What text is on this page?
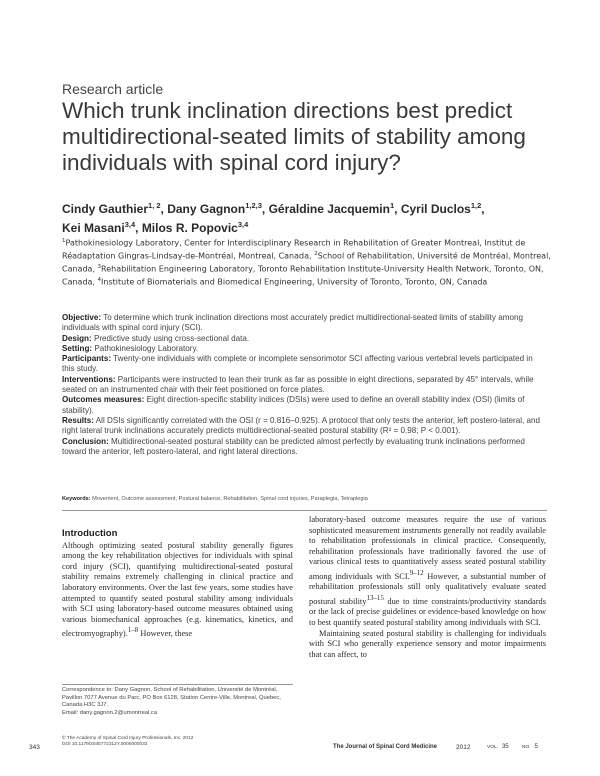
Research article
Which trunk inclination directions best predict multidirectional-seated limits of stability among individuals with spinal cord injury?
Cindy Gauthier$^{1, 2}$, Dany Gagnon$^{1,2,3}$, Géraldine Jacquemin$^1$, Cyril Duclos$^{1,2}$,
Kei Masani$^{3,4}$, Milos R. Popovic$^{3,4}$
$^1$Pathokinesiology Laboratory, Center for Interdisciplinary Research in Rehabilitation of Greater Montreal, Institut de Réadaptation Gingras-Lindsay-de-Montréal, Montreal, Canada, $^2$School of Rehabilitation, Université de Montréal, Montreal, Canada, $^3$Rehabilitation Engineering Laboratory, Toronto Rehabilitation Institute-University Health Network, Toronto, ON, Canada, $^4$Institute of Biomaterials and Biomedical Engineering, University of Toronto, Toronto, ON, Canada

Objective: To determine which trunk inclination directions most accurately predict multidirectional-seated limits of stability among individuals with spinal cord injury (SCI).

Design: Predictive study using cross-sectional data.

Setting: Pathokinesiology Laboratory.

Participants: Twenty-one individuals with complete or incomplete sensorimotor SCI affecting various vertebral levels participated in this study.

Interventions: Participants were instructed to lean their trunk as far as possible in eight directions, separated by 45° intervals, while seated on an instrumented chair with their feet positioned on force plates.

Outcomes measures: Eight direction-specific stability indices (DSIs) were used to define an overall stability index (OSI) (limits of stability).

Results: All DSIs significantly correlated with the OSI (r = 0.816–0.925). A protocol that only tests the anterior, left postero-lateral, and right lateral trunk inclinations accurately predicts multidirectional-seated postural stability (R² = 0.98; P < 0.001).

Conclusion: Multidirectional-seated postural stability can be predicted almost perfectly by evaluating trunk inclinations performed toward the anterior, left postero-lateral, and right lateral directions.

Keywords: Movement, Outcome assessment, Postural balance, Rehabilitation, Spinal cord injuries, Paraplegia, Tetraplegia
Introduction

Although optimizing seated postural stability generally figures among the key rehabilitation objectives for individuals with spinal cord injury (SCI), quantifying multidirectional-seated postural stability remains extremely challenging in clinical practice and laboratory environments. Over the last few years, some studies have attempted to quantify seated postural stability among individuals with SCI using laboratory-based outcome measures obtained using various biomechanical approaches (e.g. kinematics, kinetics, and electromyography).$^{1-8}$ However, these

laboratory-based outcome measures require the use of various sophisticated measurement instruments generally not readily available to rehabilitation professionals in clinical practice. Consequently, rehabilitation professionals have traditionally favored the use of various clinical tests to quantitatively assess seated postural stability among individuals with SCI.$^{9-12}$ However, a substantial number of rehabilitation professionals still only qualitatively evaluate seated postural stability$^{13-15}$ due to time constraints/productivity standards or the lack of precise guidelines or evidence-based knowledge on how to best quantify seated postural stability among individuals with SCI.

Maintaining seated postural stability is challenging for individuals with SCI who generally experience sensory and motor impairments that can affect, to

Correspondence to: Dany Gagnon, School of Rehabilitation, Université de Montréal, Pavillon 7077 Avenue du Parc, PO Box 6128, Station Centre-Ville, Montreal, Quebec, Canada H3C 3J7.

Email: dany.gagnon.2@umontreal.ca

© The Academy of Spinal Cord Injury Professionals, Inc. 2012

DOI 10.1179/2045772312Y.0000000033

343	The Journal of Spinal Cord Medicine	2012	VOL. 35	NO. 5
